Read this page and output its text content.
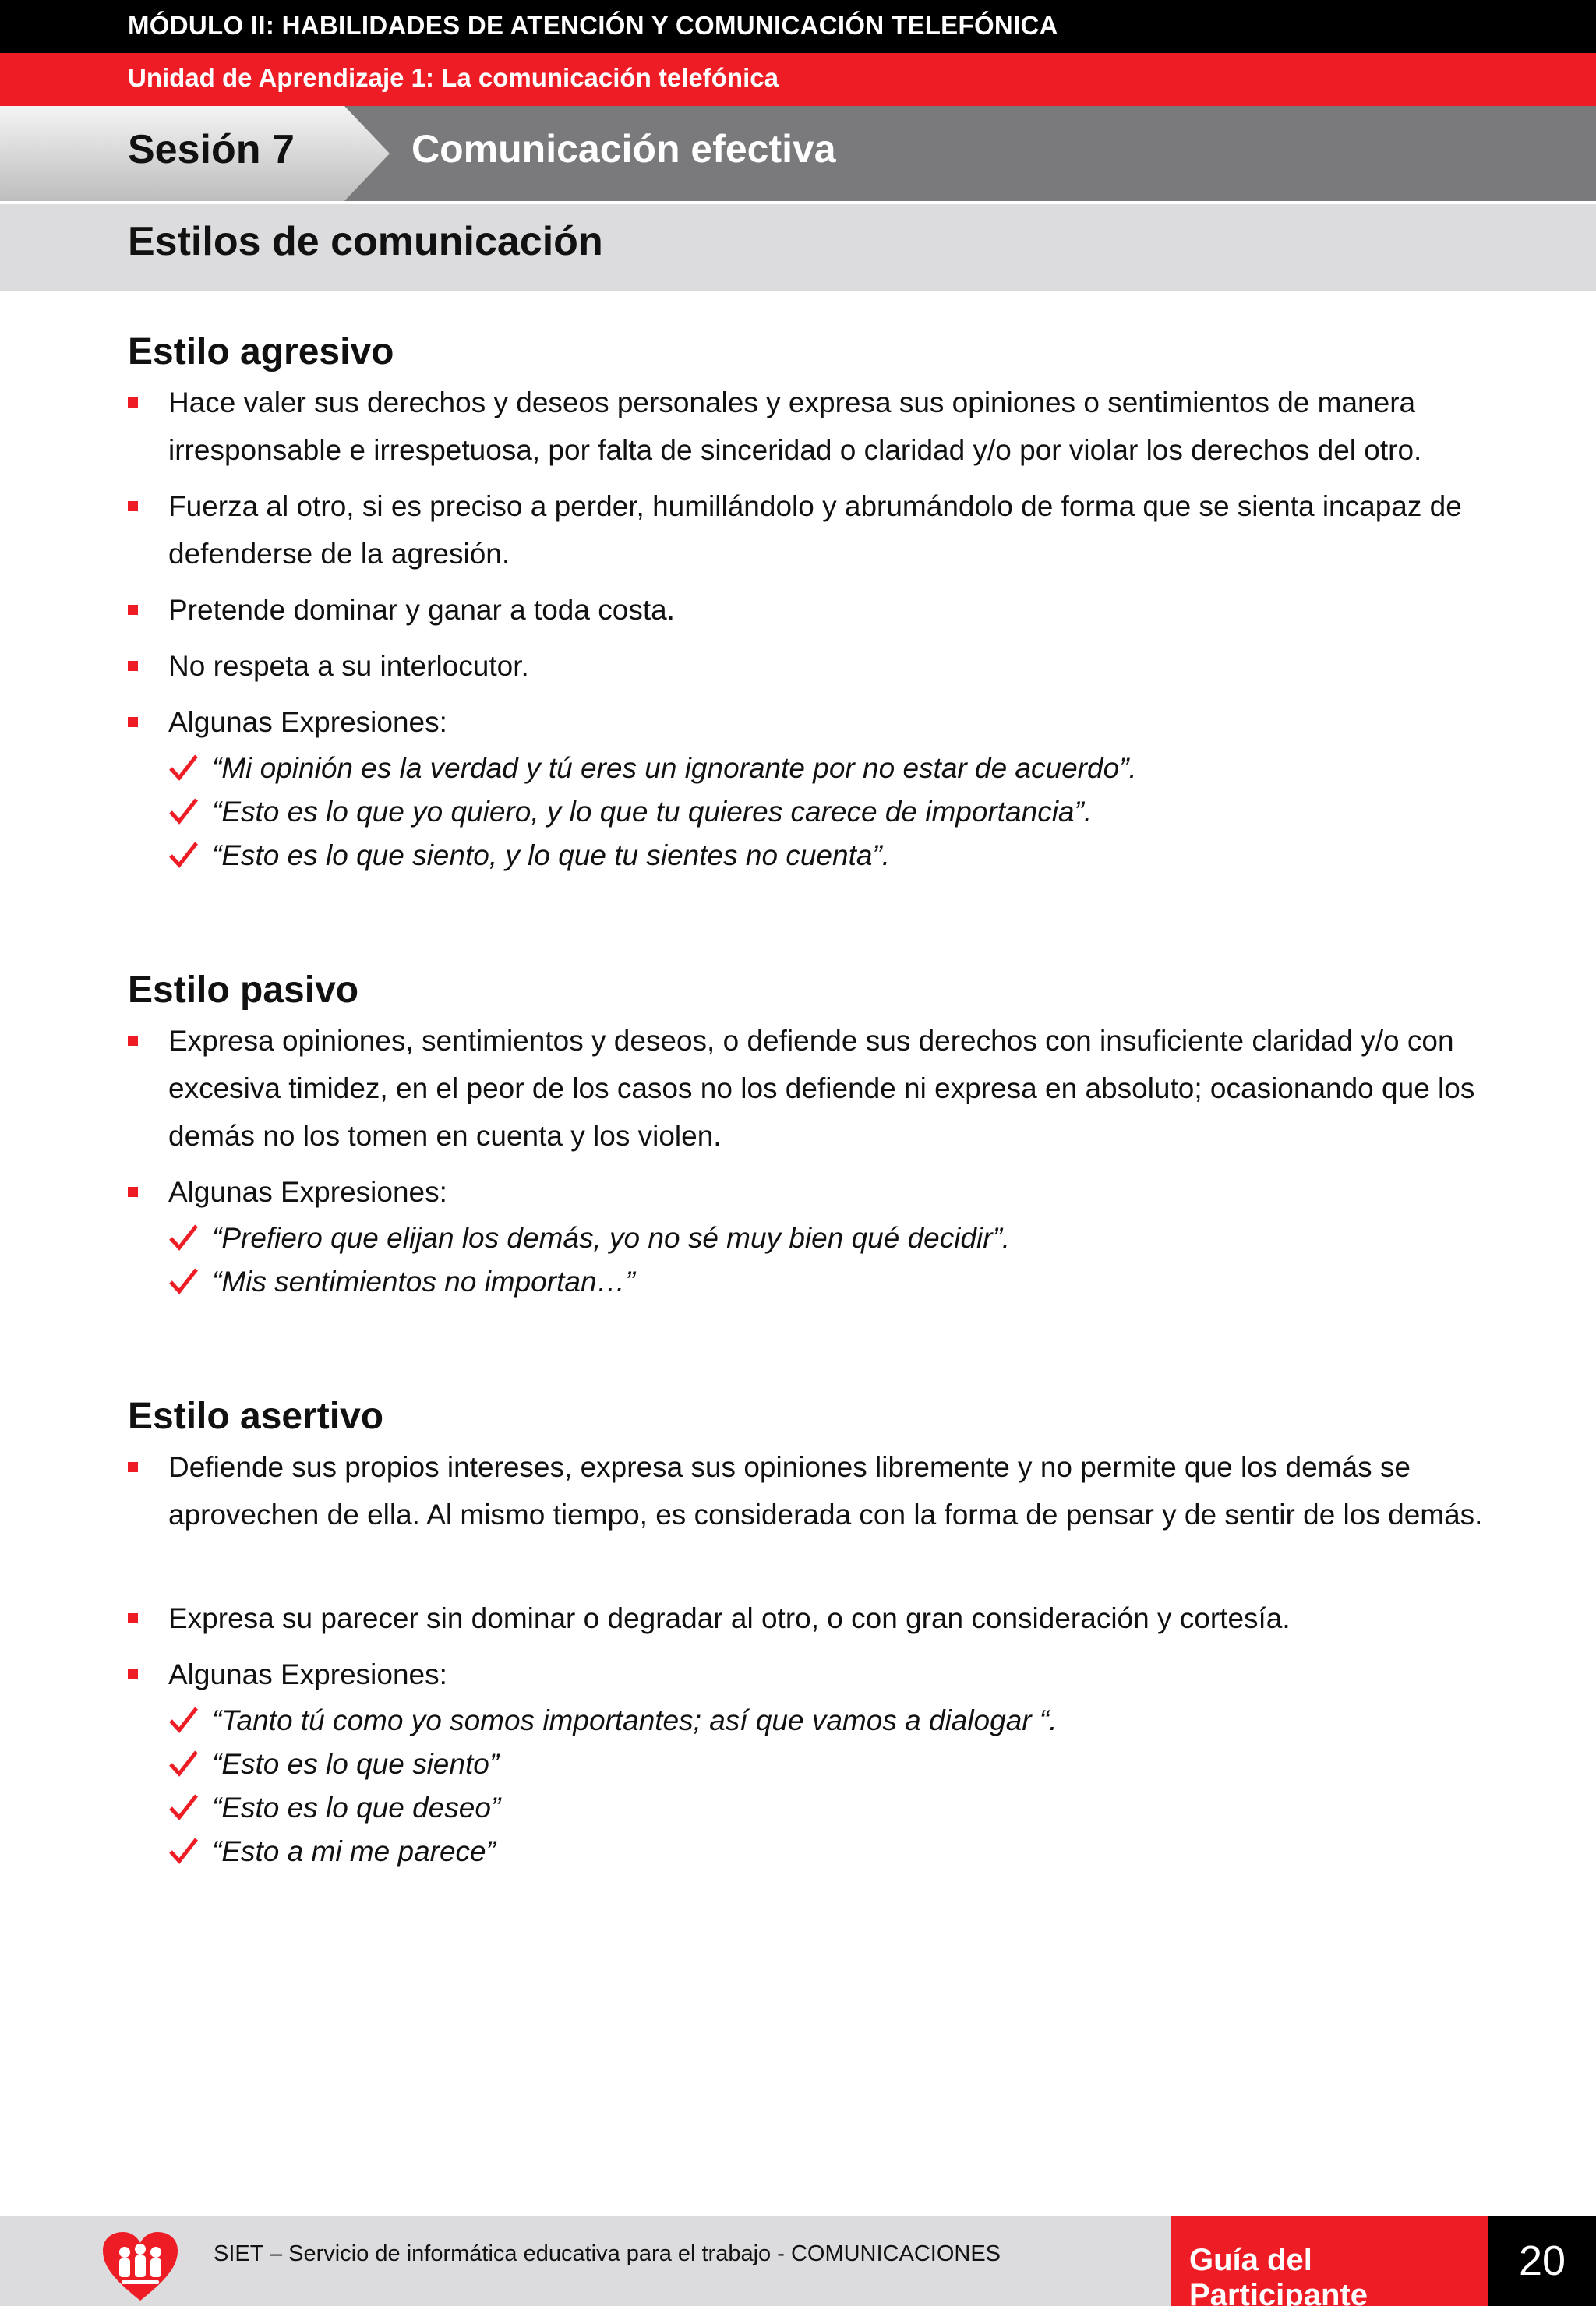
MÓDULO II: HABILIDADES DE ATENCIÓN Y COMUNICACIÓN TELEFÓNICA
Unidad de Aprendizaje 1: La comunicación telefónica
Sesión 7	Comunicación efectiva
Estilos de comunicación
Estilo agresivo
Hace valer sus derechos y deseos personales y expresa sus opiniones o sentimientos de manera irresponsable e irrespetuosa, por falta de sinceridad o claridad y/o por violar los derechos del otro.
Fuerza al otro, si es preciso a perder, humillándolo y abrumándolo de forma que se sienta incapaz de defenderse de la agresión.
Pretende dominar y ganar a toda costa.
No respeta a su interlocutor.
Algunas Expresiones:
“Mi opinión es la verdad y tú eres un ignorante por no estar de acuerdo”.
“Esto es lo que yo quiero, y lo que tu quieres carece de importancia”.
“Esto es lo que siento, y lo que tu sientes no cuenta”.
Estilo pasivo
Expresa opiniones, sentimientos y deseos, o defiende sus derechos con insuficiente claridad y/o con excesiva timidez, en el peor de los casos no los defiende ni expresa en absoluto; ocasionando que los demás no los tomen en cuenta y los violen.
Algunas Expresiones:
“Prefiero que elijan los demás, yo no sé muy bien qué decidir”.
“Mis sentimientos no importan…”
Estilo asertivo
Defiende sus propios intereses, expresa sus opiniones libremente y no permite que los demás se aprovechen de ella. Al mismo tiempo, es considerada con la forma de pensar y de sentir de los demás.
Expresa su parecer sin dominar o degradar al otro, o con gran consideración y cortesía.
Algunas Expresiones:
“Tanto tú como yo somos importantes; así que vamos a dialogar “.
“Esto es lo que siento”
“Esto es lo que deseo”
“Esto a mi me parece”
SIET – Servicio de informática educativa para el trabajo - COMUNICACIONES	Guía del Participante
20
